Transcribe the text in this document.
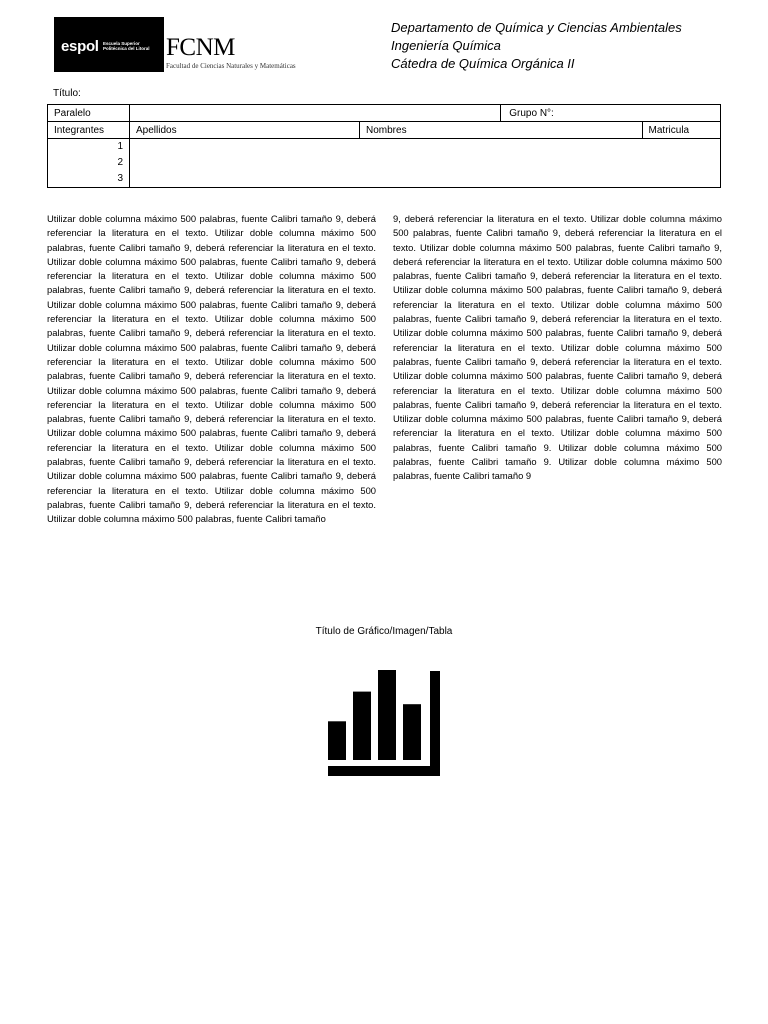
espol Escuela Superior Politécnica del Litoral FCNM
Facultad de Ciencias Naturales y Matemáticas
Departamento de Química y Ciencias Ambientales
Ingeniería Química
Cátedra de Química Orgánica II
Título:
Paralelo			Grupo N°:	
Integrantes	Apellidos	Nombres		Matricula

1
2
3				

Utilizar doble columna máximo 500 palabras, fuente Calibri tamaño 9, deberá referenciar la literatura en el texto. Utilizar doble columna máximo 500 palabras, fuente Calibri tamaño 9, deberá referenciar la literatura en el texto. Utilizar doble columna máximo 500 palabras, fuente Calibri tamaño 9, deberá referenciar la literatura en el texto. Utilizar doble columna máximo 500 palabras, fuente Calibri tamaño 9, deberá referenciar la literatura en el texto. Utilizar doble columna máximo 500 palabras, fuente Calibri tamaño 9, deberá referenciar la literatura en el texto. Utilizar doble columna máximo 500 palabras, fuente Calibri tamaño 9, deberá referenciar la literatura en el texto. Utilizar doble columna máximo 500 palabras, fuente Calibri tamaño 9, deberá referenciar la literatura en el texto. Utilizar doble columna máximo 500 palabras, fuente Calibri tamaño 9, deberá referenciar la literatura en el texto. Utilizar doble columna máximo 500 palabras, fuente Calibri tamaño 9, deberá referenciar la literatura en el texto. Utilizar doble columna máximo 500 palabras, fuente Calibri tamaño 9, deberá referenciar la literatura en el texto. Utilizar doble columna máximo 500 palabras, fuente Calibri tamaño 9, deberá referenciar la literatura en el texto. Utilizar doble columna máximo 500 palabras, fuente Calibri tamaño 9, deberá referenciar la literatura en el texto. Utilizar doble columna máximo 500 palabras, fuente Calibri tamaño 9, deberá referenciar la literatura en el texto. Utilizar doble columna máximo 500 palabras, fuente Calibri tamaño 9, deberá referenciar la literatura en el texto. Utilizar doble columna máximo 500 palabras, fuente Calibri tamaño
9, deberá referenciar la literatura en el texto. Utilizar doble columna máximo 500 palabras, fuente Calibri tamaño 9, deberá referenciar la literatura en el texto. Utilizar doble columna máximo 500 palabras, fuente Calibri tamaño 9, deberá referenciar la literatura en el texto. Utilizar doble columna máximo 500 palabras, fuente Calibri tamaño 9, deberá referenciar la literatura en el texto. Utilizar doble columna máximo 500 palabras, fuente Calibri tamaño 9, deberá referenciar la literatura en el texto. Utilizar doble columna máximo 500 palabras, fuente Calibri tamaño 9, deberá referenciar la literatura en el texto. Utilizar doble columna máximo 500 palabras, fuente Calibri tamaño 9, deberá referenciar la literatura en el texto. Utilizar doble columna máximo 500 palabras, fuente Calibri tamaño 9, deberá referenciar la literatura en el texto. Utilizar doble columna máximo 500 palabras, fuente Calibri tamaño 9, deberá referenciar la literatura en el texto. Utilizar doble columna máximo 500 palabras, fuente Calibri tamaño 9, deberá referenciar la literatura en el texto. Utilizar doble columna máximo 500 palabras, fuente Calibri tamaño 9, deberá referenciar la literatura en el texto. Utilizar doble columna máximo 500 palabras, fuente Calibri tamaño 9. Utilizar doble columna máximo 500 palabras, fuente Calibri tamaño 9. Utilizar doble columna máximo 500 palabras, fuente Calibri tamaño 9
Título de Gráfico/Imagen/Tabla
